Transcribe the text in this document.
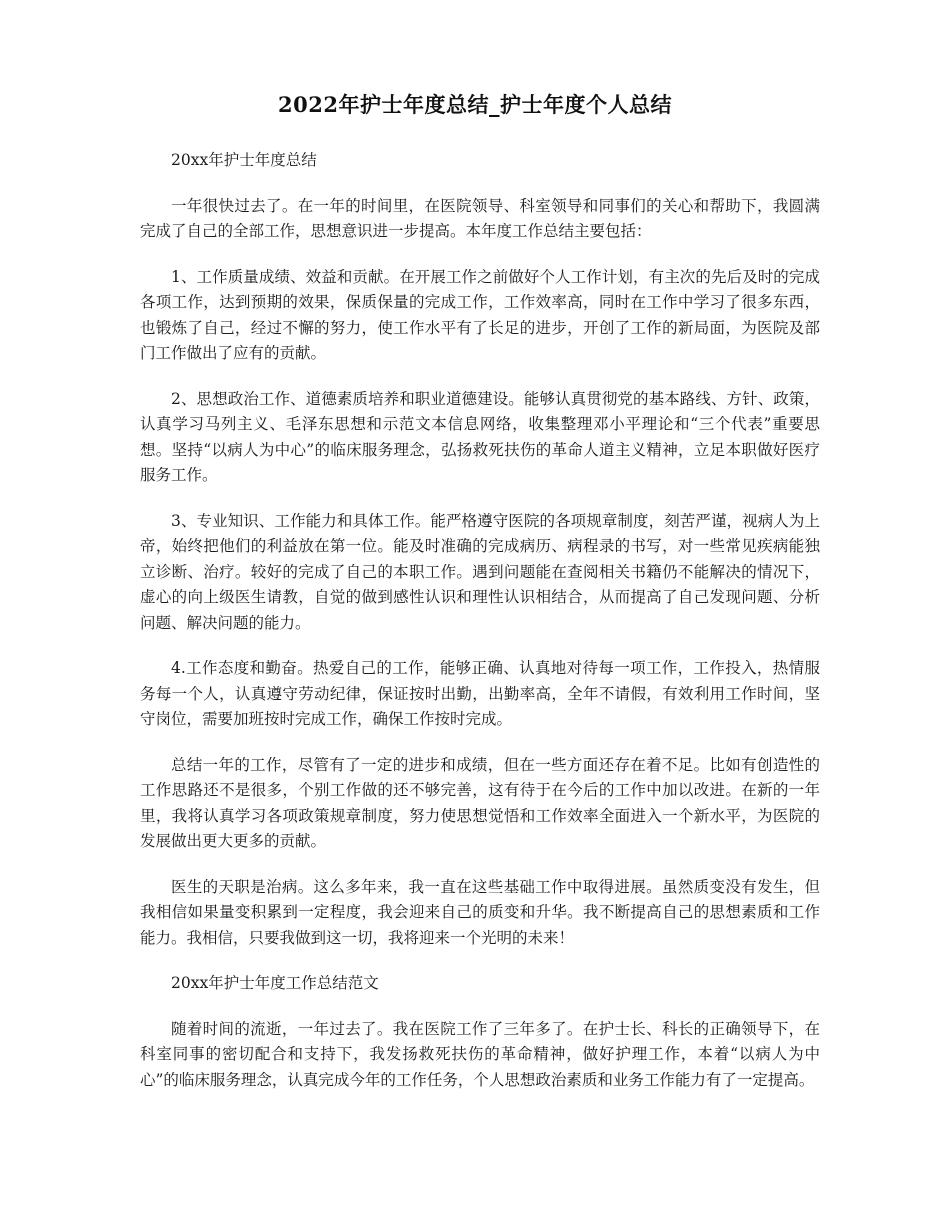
2022年护士年度总结_护士年度个人总结

20xx年护士年度总结

一年很快过去了。在一年的时间里，在医院领导、科室领导和同事们的关心和帮助下，我圆满完成了自己的全部工作，思想意识进一步提高。本年度工作总结主要包括：

1、工作质量成绩、效益和贡献。在开展工作之前做好个人工作计划，有主次的先后及时的完成各项工作，达到预期的效果，保质保量的完成工作，工作效率高，同时在工作中学习了很多东西，也锻炼了自己，经过不懈的努力，使工作水平有了长足的进步，开创了工作的新局面，为医院及部门工作做出了应有的贡献。

2、思想政治工作、道德素质培养和职业道德建设。能够认真贯彻党的基本路线、方针、政策，认真学习马列主义、毛泽东思想和示范文本信息网络，收集整理邓小平理论和“三个代表”重要思想。坚持“以病人为中心”的临床服务理念，弘扬救死扶伤的革命人道主义精神，立足本职做好医疗服务工作。

3、专业知识、工作能力和具体工作。能严格遵守医院的各项规章制度，刻苦严谨，视病人为上帝，始终把他们的利益放在第一位。能及时准确的完成病历、病程录的书写，对一些常见疾病能独立诊断、治疗。较好的完成了自己的本职工作。遇到问题能在查阅相关书籍仍不能解决的情况下，虚心的向上级医生请教，自觉的做到感性认识和理性认识相结合，从而提高了自己发现问题、分析问题、解决问题的能力。

4.工作态度和勤奋。热爱自己的工作，能够正确、认真地对待每一项工作，工作投入，热情服务每一个人，认真遵守劳动纪律，保证按时出勤，出勤率高，全年不请假，有效利用工作时间，坚守岗位，需要加班按时完成工作，确保工作按时完成。

总结一年的工作，尽管有了一定的进步和成绩，但在一些方面还存在着不足。比如有创造性的工作思路还不是很多，个别工作做的还不够完善，这有待于在今后的工作中加以改进。在新的一年里，我将认真学习各项政策规章制度，努力使思想觉悟和工作效率全面进入一个新水平，为医院的发展做出更大更多的贡献。

医生的天职是治病。这么多年来，我一直在这些基础工作中取得进展。虽然质变没有发生，但我相信如果量变积累到一定程度，我会迎来自己的质变和升华。我不断提高自己的思想素质和工作能力。我相信，只要我做到这一切，我将迎来一个光明的未来！

20xx年护士年度工作总结范文

随着时间的流逝，一年过去了。我在医院工作了三年多了。在护士长、科长的正确领导下，在科室同事的密切配合和支持下，我发扬救死扶伤的革命精神，做好护理工作，本着“以病人为中心”的临床服务理念，认真完成今年的工作任务，个人思想政治素质和业务工作能力有了一定提高。
